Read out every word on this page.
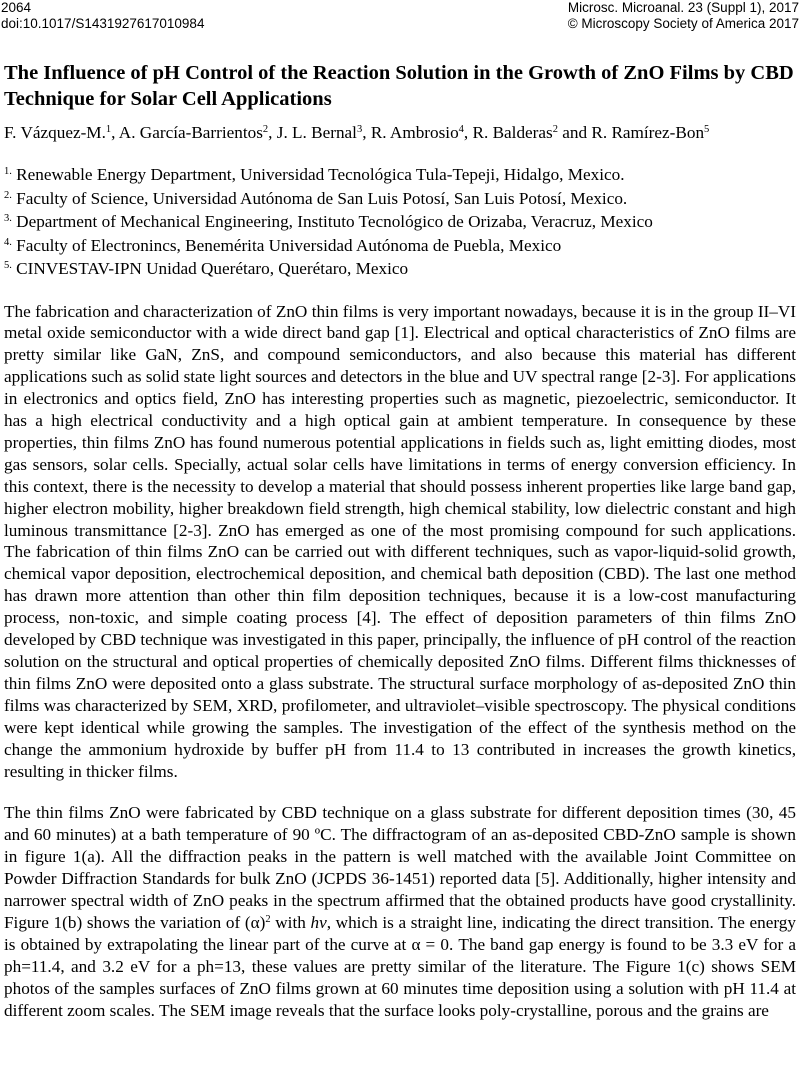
2064
doi:10.1017/S1431927617010984
Microsc. Microanal. 23 (Suppl 1), 2017
© Microscopy Society of America 2017
The Influence of pH Control of the Reaction Solution in the Growth of ZnO Films by CBD Technique for Solar Cell Applications
F. Vázquez-M.$^1$, A. García-Barrientos$^2$, J. L. Bernal$^3$, R. Ambrosio$^4$, R. Balderas$^2$ and R. Ramírez-Bon$^5$
$^{1.}$ Renewable Energy Department, Universidad Tecnológica Tula-Tepeji, Hidalgo, Mexico.
$^{2.}$ Faculty of Science, Universidad Autónoma de San Luis Potosí, San Luis Potosí, Mexico.
$^{3.}$ Department of Mechanical Engineering, Instituto Tecnológico de Orizaba, Veracruz, Mexico
$^{4.}$ Faculty of Electronincs, Benemérita Universidad Autónoma de Puebla, Mexico
$^{5.}$ CINVESTAV-IPN Unidad Querétaro, Querétaro, Mexico

The fabrication and characterization of ZnO thin films is very important nowadays, because it is in the group II–VI metal oxide semiconductor with a wide direct band gap [1]. Electrical and optical characteristics of ZnO films are pretty similar like GaN, ZnS, and compound semiconductors, and also because this material has different applications such as solid state light sources and detectors in the blue and UV spectral range [2-3]. For applications in electronics and optics field, ZnO has interesting properties such as magnetic, piezoelectric, semiconductor. It has a high electrical conductivity and a high optical gain at ambient temperature. In consequence by these properties, thin films ZnO has found numerous potential applications in fields such as, light emitting diodes, most gas sensors, solar cells. Specially, actual solar cells have limitations in terms of energy conversion efficiency. In this context, there is the necessity to develop a material that should possess inherent properties like large band gap, higher electron mobility, higher breakdown field strength, high chemical stability, low dielectric constant and high luminous transmittance [2-3]. ZnO has emerged as one of the most promising compound for such applications. The fabrication of thin films ZnO can be carried out with different techniques, such as vapor-liquid-solid growth, chemical vapor deposition, electrochemical deposition, and chemical bath deposition (CBD). The last one method has drawn more attention than other thin film deposition techniques, because it is a low-cost manufacturing process, non-toxic, and simple coating process [4]. The effect of deposition parameters of thin films ZnO developed by CBD technique was investigated in this paper, principally, the influence of pH control of the reaction solution on the structural and optical properties of chemically deposited ZnO films. Different films thicknesses of thin films ZnO were deposited onto a glass substrate. The structural surface morphology of as-deposited ZnO thin films was characterized by SEM, XRD, profilometer, and ultraviolet–visible spectroscopy. The physical conditions were kept identical while growing the samples. The investigation of the effect of the synthesis method on the change the ammonium hydroxide by buffer pH from 11.4 to 13 contributed in increases the growth kinetics, resulting in thicker films.

The thin films ZnO were fabricated by CBD technique on a glass substrate for different deposition times (30, 45 and 60 minutes) at a bath temperature of 90 ºC. The diffractogram of an as-deposited CBD-ZnO sample is shown in figure 1(a). All the diffraction peaks in the pattern is well matched with the available Joint Committee on Powder Diffraction Standards for bulk ZnO (JCPDS 36-1451) reported data [5]. Additionally, higher intensity and narrower spectral width of ZnO peaks in the spectrum affirmed that the obtained products have good crystallinity. Figure 1(b) shows the variation of $(\alpha)^2$ with hv, which is a straight line, indicating the direct transition. The energy is obtained by extrapolating the linear part of the curve at α = 0. The band gap energy is found to be 3.3 eV for a ph=11.4, and 3.2 eV for a ph=13, these values are pretty similar of the literature. The Figure 1(c) shows SEM photos of the samples surfaces of ZnO films grown at 60 minutes time deposition using a solution with pH 11.4 at different zoom scales. The SEM image reveals that the surface looks poly-crystalline, porous and the grains are
